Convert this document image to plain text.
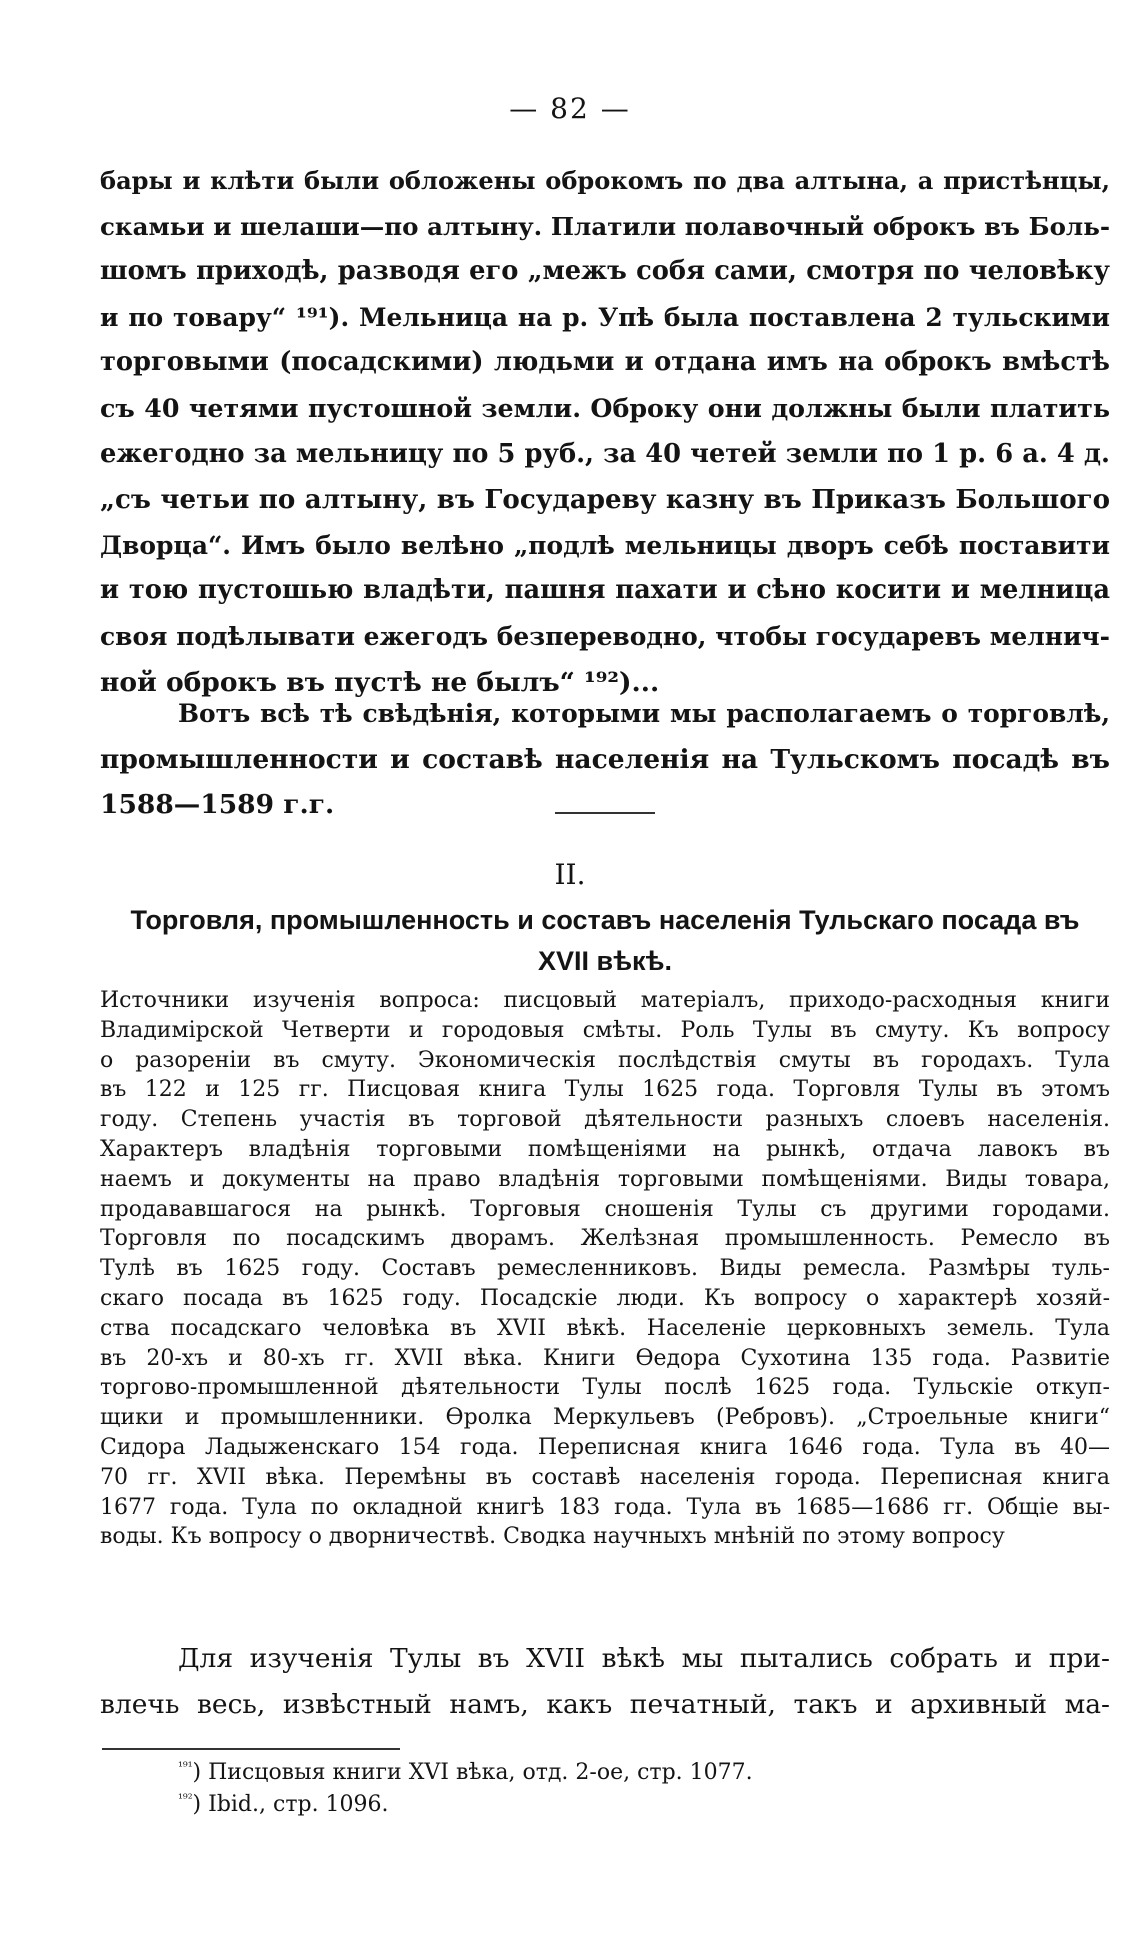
— 82 —
бары и клѣти были обложены оброкомъ по два алтына, а пристѣнцы,
скамьи и шелаши—по алтыну. Платили полавочный оброкъ въ Боль-
шомъ приходѣ, разводя его „межъ собя сами, смотря по человѣку
и по товару“ ¹⁹¹). Мельница на р. Упѣ была поставлена 2 тульскими
торговыми (посадскими) людьми и отдана имъ на оброкъ вмѣстѣ
съ 40 четями пустошной земли. Оброку они должны были платить
ежегодно за мельницу по 5 руб., за 40 четей земли по 1 р. 6 а. 4 д.
„съ четьи по алтыну, въ Государеву казну въ Приказъ Большого
Дворца“. Имъ было велѣно „подлѣ мельницы дворъ себѣ поставити
и тою пустошью владѣти, пашня пахати и сѣно косити и мелница
своя подѣлывати ежегодъ безпереводно, чтобы государевъ мелнич-
ной оброкъ въ пустѣ не былъ“ ¹⁹²)...
Вотъ всѣ тѣ свѣдѣнія, которыми мы располагаемъ о торговлѣ,
промышленности и составѣ населенія на Тульскомъ посадѣ въ
1588—1589 г.г.
II.
Торговля, промышленность и составъ населенія Тульскаго посада въ
XVII вѣкѣ.
Источники изученія вопроса: писцовый матеріалъ, приходо-расходныя книги
Владимірской Четверти и городовыя смѣты. Роль Тулы въ смуту. Къ вопросу
о разореніи въ смуту. Экономическія послѣдствія смуты въ городахъ. Тула
въ 122 и 125 гг. Писцовая книга Тулы 1625 года. Торговля Тулы въ этомъ
году. Степень участія въ торговой дѣятельности разныхъ слоевъ населенія.
Характеръ владѣнія торговыми помѣщеніями на рынкѣ, отдача лавокъ въ
наемъ и документы на право владѣнія торговыми помѣщеніями. Виды товара,
продававшагося на рынкѣ. Торговыя сношенія Тулы съ другими городами.
Торговля по посадскимъ дворамъ. Желѣзная промышленность. Ремесло въ
Тулѣ въ 1625 году. Составъ ремесленниковъ. Виды ремесла. Размѣры туль-
скаго посада въ 1625 году. Посадскіе люди. Къ вопросу о характерѣ хозяй-
ства посадскаго человѣка въ XVII вѣкѣ. Населеніе церковныхъ земель. Тула
въ 20-хъ и 80-хъ гг. XVII вѣка. Книги Ѳедора Сухотина 135 года. Развитіе
торгово-промышленной дѣятельности Тулы послѣ 1625 года. Тульскіе откуп-
щики и промышленники. Ѳролка Меркульевъ (Ребровъ). „Строельные книги“
Сидора Ладыженскаго 154 года. Переписная книга 1646 года. Тула въ 40—
70 гг. XVII вѣка. Перемѣны въ составѣ населенія города. Переписная книга
1677 года. Тула по окладной книгѣ 183 года. Тула въ 1685—1686 гг. Общіе вы-
воды. Къ вопросу о дворничествѣ. Сводка научныхъ мнѣній по этому вопросу
Для изученія Тулы въ XVII вѣкѣ мы пытались собрать и при-
влечь весь, извѣстный намъ, какъ печатный, такъ и архивный ма-
$^{^{191}}$) Писцовыя книги XVI вѣка, отд. 2-ое, стр. 1077.
$^{^{192}}$) Ibid., стр. 1096.
